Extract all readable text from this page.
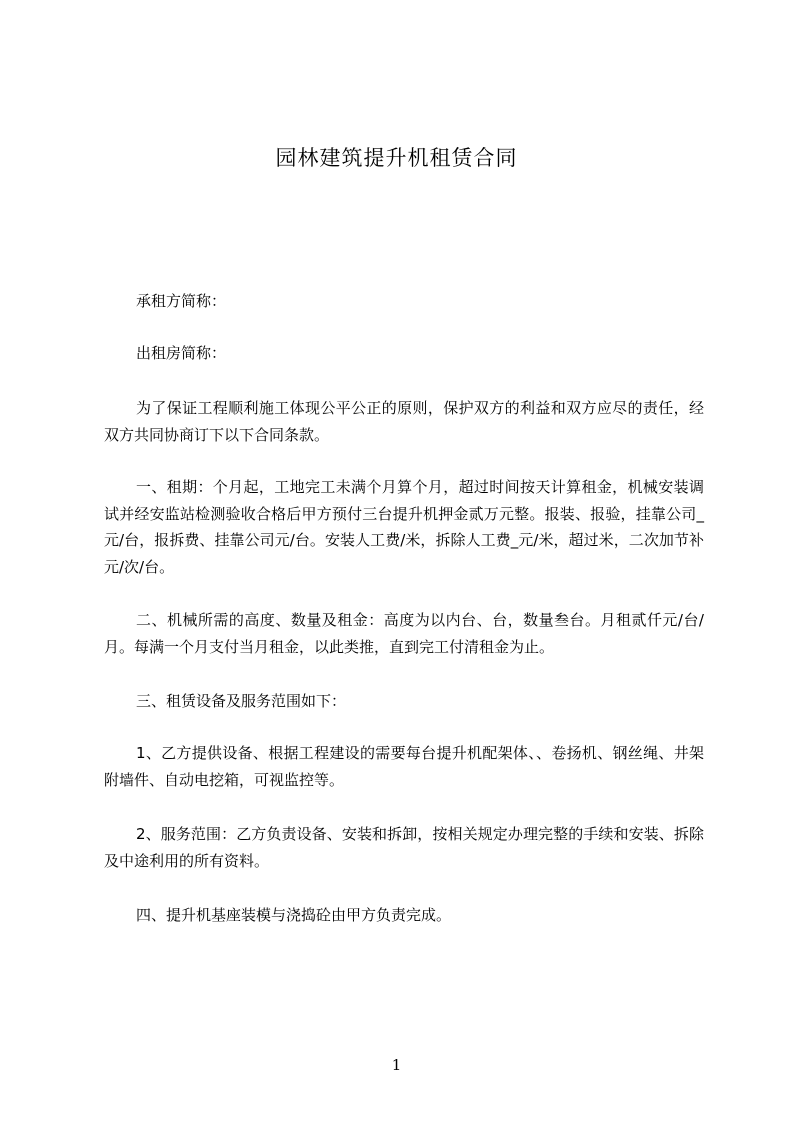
园林建筑提升机租赁合同

承租方简称：

出租房简称：

为了保证工程顺利施工体现公平公正的原则，保护双方的利益和双方应尽的责任，经双方共同协商订下以下合同条款。

一、租期：个月起，工地完工未满个月算个月，超过时间按天计算租金，机械安装调试并经安监站检测验收合格后甲方预付三台提升机押金贰万元整。报装、报验，挂靠公司_元/台，报拆费、挂靠公司元/台。安装人工费/米，拆除人工费_元/米，超过米，二次加节补元/次/台。

二、机械所需的高度、数量及租金：高度为以内台、台，数量叁台。月租贰仟元/台/月。每满一个月支付当月租金，以此类推，直到完工付清租金为止。

三、租赁设备及服务范围如下：

1、乙方提供设备、根据工程建设的需要每台提升机配架体、、卷扬机、钢丝绳、井架附墙件、自动电挖箱，可视监控等。

2、服务范围：乙方负责设备、安装和拆卸，按相关规定办理完整的手续和安装、拆除及中途利用的所有资料。

四、提升机基座装模与浇捣砼由甲方负责完成。

1
